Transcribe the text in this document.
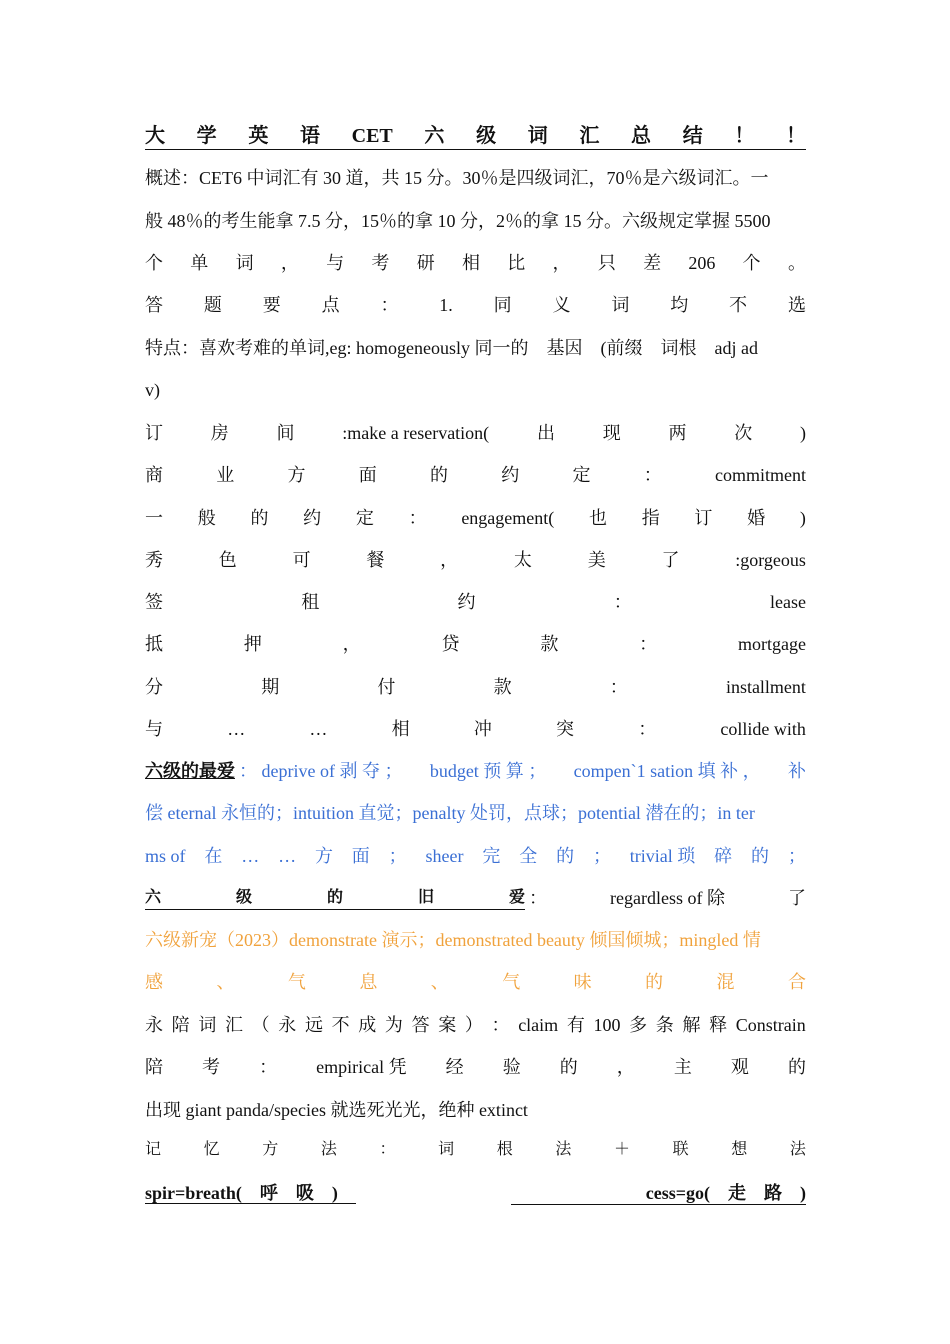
大 学 英 语 CET 六 级 词 汇 总 结 ！ ！
概述：CET6 中词汇有 30 道，共 15 分。30％是四级词汇，70％是六级词汇。一
般 48％的考生能拿 7.5 分，15％的拿 10 分，2％的拿 15 分。六级规定掌握 5500
个 单 词 ， 与 考 研 相 比 ， 只 差 206 个 。
答 题 要 点 ： 1. 同 义 词 均 不 选
特点：喜欢考难的单词,eg: homogeneously 同一的　基因　(前缀　词根　adj ad
v)
订	房	间	:make a reservation(	出	现	两	次	)
商	业	方	面	的	约	定	：	commitment
一 般 的 约 定 ： engagement( 也 指 订 婚 )
秀	色	可	餐	，	太	美	了	:gorgeous
签	租	约	：	lease
抵	押	，	贷	款	：	mortgage
分	期	付	款	：	installment
与	…	…	相	冲	突	：	collide with
六级的最爱 ： deprive of 剥 夺 ； budget 预 算 ； compen`1 sation 填 补 ， 补
偿 eternal 永恒的；intuition 直觉；penalty 处罚，点球；potential 潜在的；in ter
ms of 在 … … 方 面 ； sheer 完 全 的 ； trivial 琐 碎 的 ；
六	级	的	旧	爱 ：	regardless of 除	了
六级新宠（2023）demonstrate 演示；demonstrated beauty 倾国倾城；mingled 情
感	、	气	息	、	气	味	的	混	合
永 陪 词 汇 （ 永 远 不 成 为 答 案 ） ： claim 有 100 多 条 解 释 Constrain
陪 考 ： empirical 凭 经 验 的 ， 主 观 的
出现 giant panda/species 就选死光光，绝种 extinct
记	忆	方	法	：	词	根	法	＋	联	想	法
spir=breath(　呼　吸　)	cess=go(　走　路　)
